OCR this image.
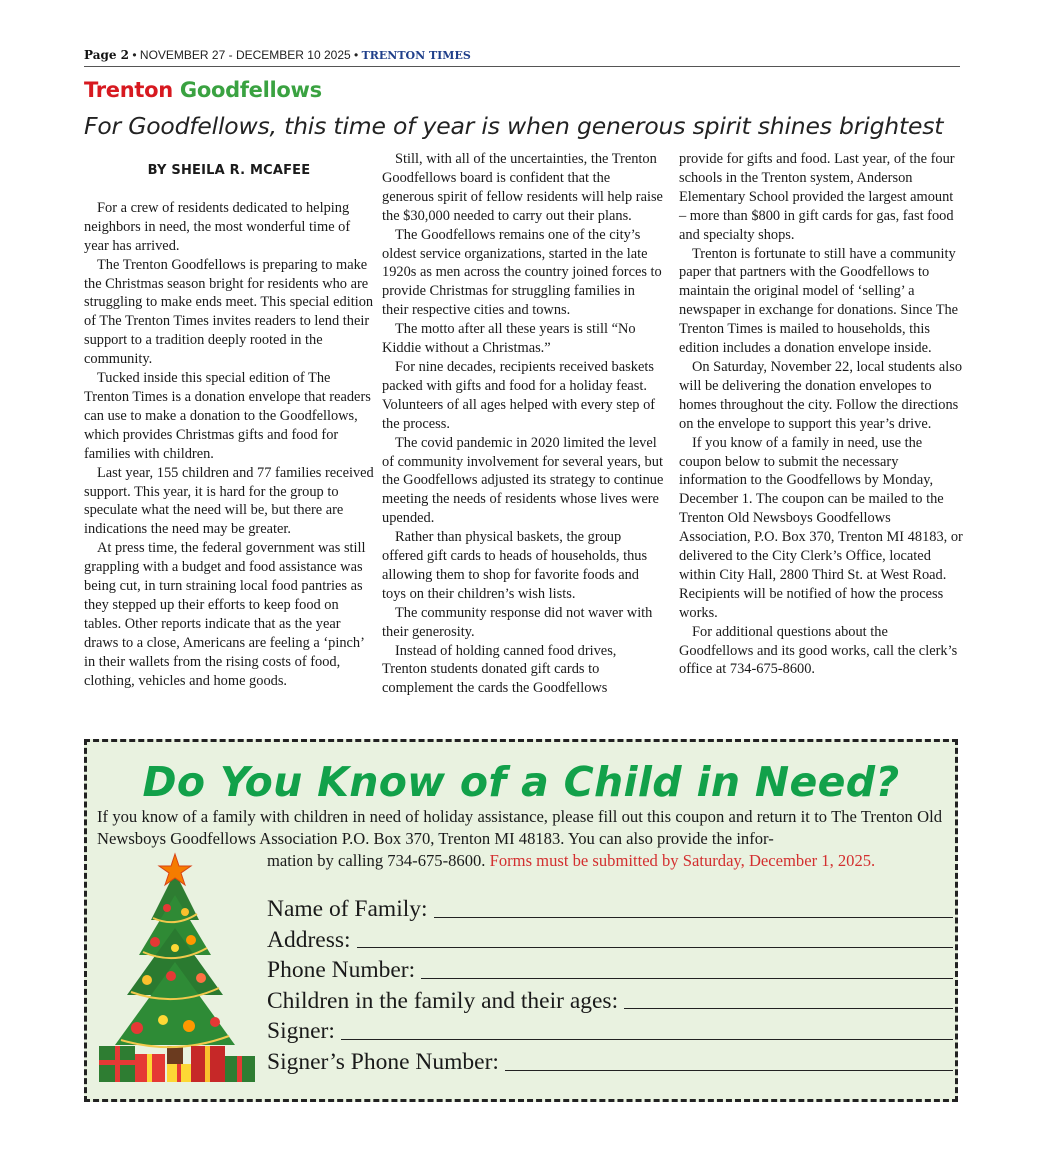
Page 2 • NOVEMBER 27 - DECEMBER 10 2025 • TRENTON TIMES
Trenton Goodfellows
For Goodfellows, this time of year is when generous spirit shines brightest
BY SHEILA R. MCAFEE

For a crew of residents dedicated to helping neighbors in need, the most wonderful time of year has arrived.

The Trenton Goodfellows is preparing to make the Christmas season bright for residents who are struggling to make ends meet. This special edition of The Trenton Times invites readers to lend their support to a tradition deeply rooted in the community.

Tucked inside this special edition of The Trenton Times is a donation envelope that readers can use to make a donation to the Goodfellows, which provides Christmas gifts and food for families with children.

Last year, 155 children and 77 families received support. This year, it is hard for the group to speculate what the need will be, but there are indications the need may be greater.

At press time, the federal government was still grappling with a budget and food assistance was being cut, in turn straining local food pantries as they stepped up their efforts to keep food on tables. Other reports indicate that as the year draws to a close, Americans are feeling a ‘pinch’ in their wallets from the rising costs of food, clothing, vehicles and home goods.

Still, with all of the uncertainties, the Trenton Goodfellows board is confident that the generous spirit of fellow residents will help raise the $30,000 needed to carry out their plans.

The Goodfellows remains one of the city’s oldest service organizations, started in the late 1920s as men across the country joined forces to provide Christmas for struggling families in their respective cities and towns.

The motto after all these years is still “No Kiddie without a Christmas.”

For nine decades, recipients received baskets packed with gifts and food for a holiday feast. Volunteers of all ages helped with every step of the process.

The covid pandemic in 2020 limited the level of community involvement for several years, but the Goodfellows adjusted its strategy to continue meeting the needs of residents whose lives were upended.

Rather than physical baskets, the group offered gift cards to heads of households, thus allowing them to shop for favorite foods and toys on their children’s wish lists.

The community response did not waver with their generosity.

Instead of holding canned food drives, Trenton students donated gift cards to complement the cards the Goodfellows

provide for gifts and food. Last year, of the four schools in the Trenton system, Anderson Elementary School provided the largest amount – more than $800 in gift cards for gas, fast food and specialty shops.

Trenton is fortunate to still have a community paper that partners with the Goodfellows to maintain the original model of ‘selling’ a newspaper in exchange for donations. Since The Trenton Times is mailed to households, this edition includes a donation envelope inside.

On Saturday, November 22, local students also will be delivering the donation envelopes to homes throughout the city. Follow the directions on the envelope to support this year’s drive.

If you know of a family in need, use the coupon below to submit the necessary information to the Goodfellows by Monday, December 1. The coupon can be mailed to the Trenton Old Newsboys Goodfellows Association, P.O. Box 370, Trenton MI 48183, or delivered to the City Clerk’s Office, located within City Hall, 2800 Third St. at West Road. Recipients will be notified of how the process works.

For additional questions about the Goodfellows and its good works, call the clerk’s office at 734-675-8600.

Do You Know of a Child in Need?
If you know of a family with children in need of holiday assistance, please fill out this coupon and return it to The Trenton Old Newsboys Goodfellows Association P.O. Box 370, Trenton MI 48183. You can also provide the infor-
mation by calling 734-675-8600. Forms must be submitted by Saturday, December 1, 2025.
Name of Family:
Address:
Phone Number:
Children in the family and their ages:
Signer:
Signer’s Phone Number:
